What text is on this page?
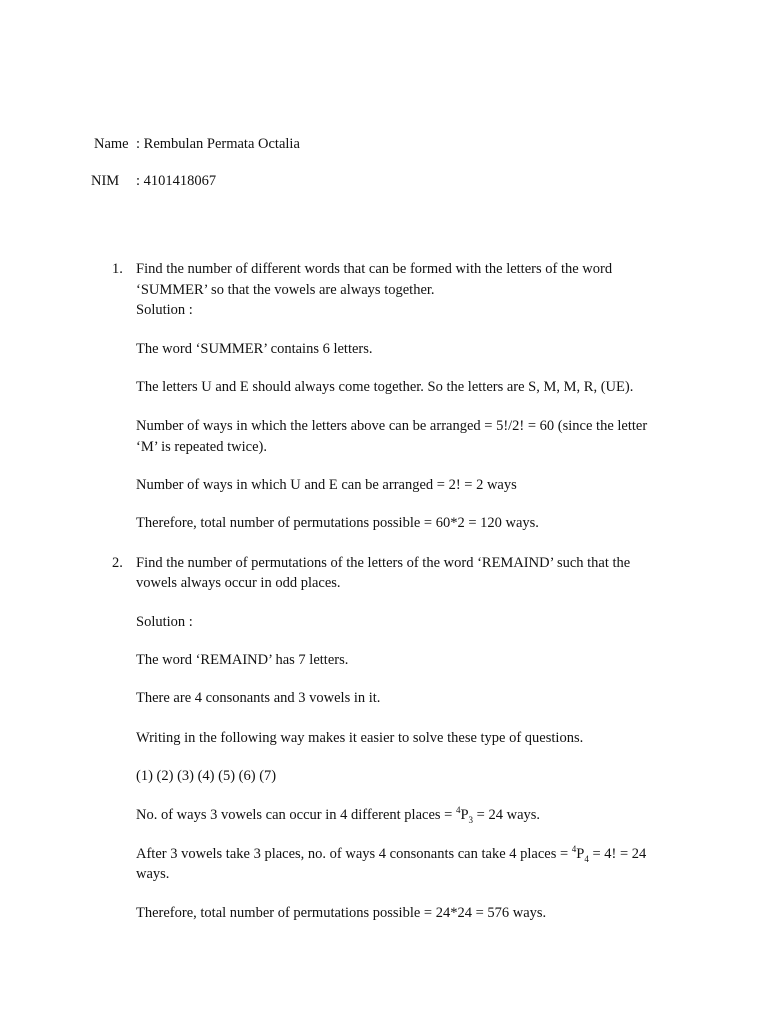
Name : Rembulan Permata Octalia
NIM : 4101418067
1. Find the number of different words that can be formed with the letters of the word
‘SUMMER’ so that the vowels are always together.
Solution :
The word ‘SUMMER’ contains 6 letters.
The letters U and E should always come together. So the letters are S, M, M, R, (UE).
Number of ways in which the letters above can be arranged = 5!/2! = 60 (since the letter
‘M’ is repeated twice).
Number of ways in which U and E can be arranged = 2! = 2 ways
Therefore, total number of permutations possible = 60*2 = 120 ways.
2. Find the number of permutations of the letters of the word ‘REMAIND’ such that the
vowels always occur in odd places.
Solution :
The word ‘REMAIND’ has 7 letters.
There are 4 consonants and 3 vowels in it.
Writing in the following way makes it easier to solve these type of questions.
(1) (2) (3) (4) (5) (6) (7)
No. of ways 3 vowels can occur in 4 different places = $^4P_3 = 24$ ways.
After 3 vowels take 3 places, no. of ways 4 consonants can take 4 places = $^4P_4 = 4$! = 24
ways.
Therefore, total number of permutations possible = 24*24 = 576 ways.
